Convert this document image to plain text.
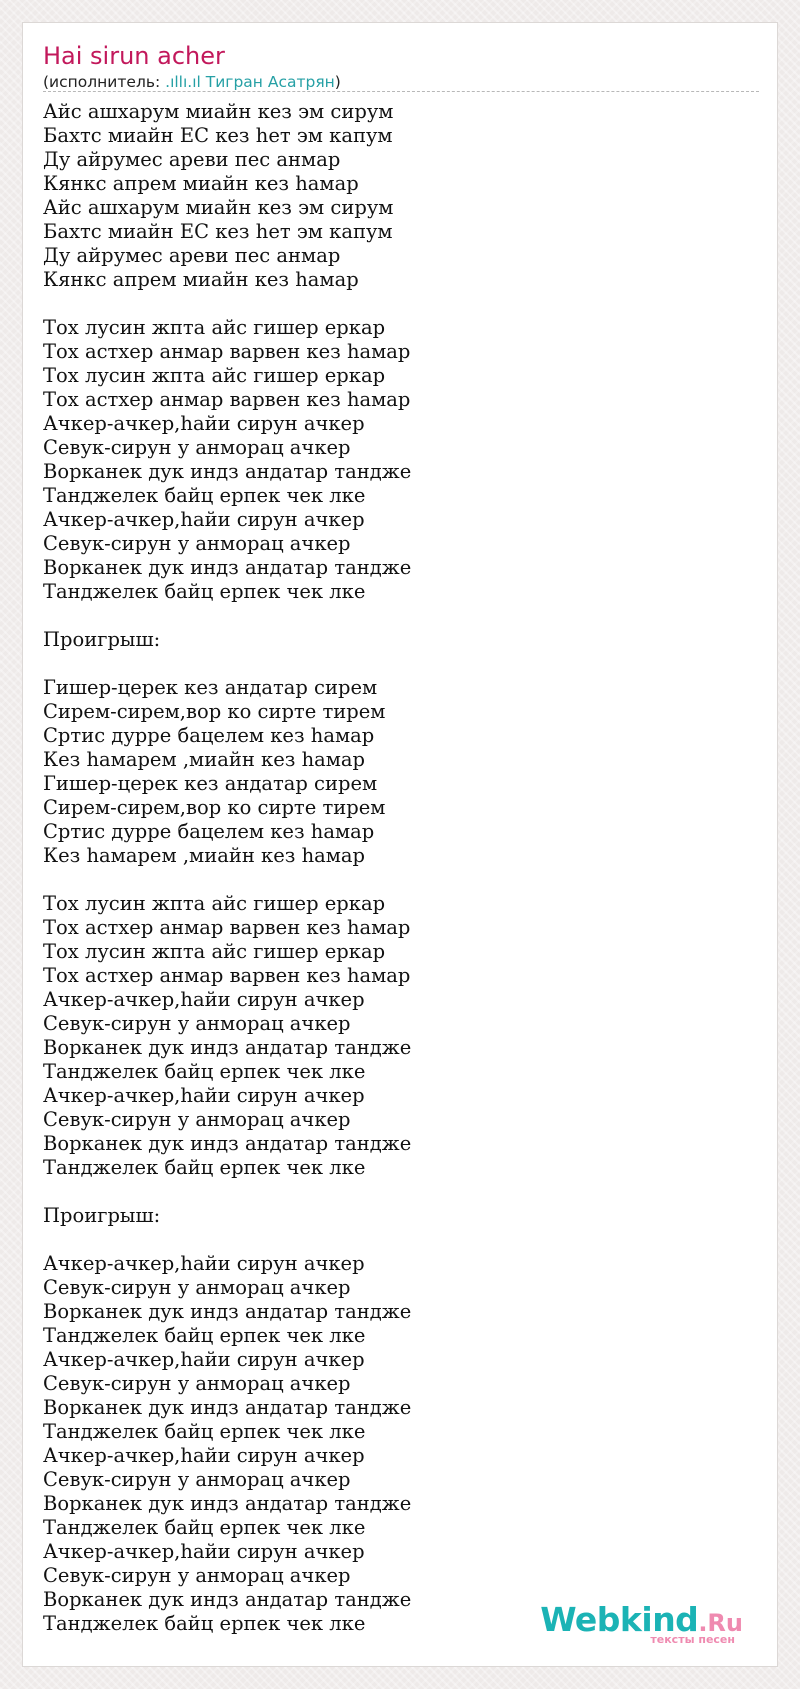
Hai sirun acher
(исполнитель: .ıllı.ıl Тигран Асатрян)
Айс ашхарум миайн кез эм сирум
Бахтс миайн ЕС кез hет эм капум
Ду айрумес ареви пес анмар
Кянкс апрем миайн кез hамар
Айс ашхарум миайн кез эм сирум
Бахтс миайн ЕС кез hет эм капум
Ду айрумес ареви пес анмар
Кянкс апрем миайн кез hамар
Тох лусин жпта айс гишер еркар
Тох астхер анмар варвен кез hамар
Тох лусин жпта айс гишер еркар
Тох астхер анмар варвен кез hамар
Ачкер-ачкер,hайи сирун ачкер
Севук-сирун у анморац ачкер
Ворканек дук индз андатар тандже
Танджелек байц ерпек чек лке
Ачкер-ачкер,hайи сирун ачкер
Севук-сирун у анморац ачкер
Ворканек дук индз андатар тандже
Танджелек байц ерпек чек лке
Проигрыш:
Гишер-церек кез андатар сирем
Сирем-сирем,вор ко сирте тирем
Сртис дурре бацелем кез hамар
Кез hамарем ,миайн кез hамар
Гишер-церек кез андатар сирем
Сирем-сирем,вор ко сирте тирем
Сртис дурре бацелем кез hамар
Кез hамарем ,миайн кез hамар
Тох лусин жпта айс гишер еркар
Тох астхер анмар варвен кез hамар
Тох лусин жпта айс гишер еркар
Тох астхер анмар варвен кез hамар
Ачкер-ачкер,hайи сирун ачкер
Севук-сирун у анморац ачкер
Ворканек дук индз андатар тандже
Танджелек байц ерпек чек лке
Ачкер-ачкер,hайи сирун ачкер
Севук-сирун у анморац ачкер
Ворканек дук индз андатар тандже
Танджелек байц ерпек чек лке
Проигрыш:
Ачкер-ачкер,hайи сирун ачкер
Севук-сирун у анморац ачкер
Ворканек дук индз андатар тандже
Танджелек байц ерпек чек лке
Ачкер-ачкер,hайи сирун ачкер
Севук-сирун у анморац ачкер
Ворканек дук индз андатар тандже
Танджелек байц ерпек чек лке
Ачкер-ачкер,hайи сирун ачкер
Севук-сирун у анморац ачкер
Ворканек дук индз андатар тандже
Танджелек байц ерпек чек лке
Ачкер-ачкер,hайи сирун ачкер
Севук-сирун у анморац ачкер
Ворканек дук индз андатар тандже
Танджелек байц ерпек чек лке	Webkind.Ru
тексты песен
